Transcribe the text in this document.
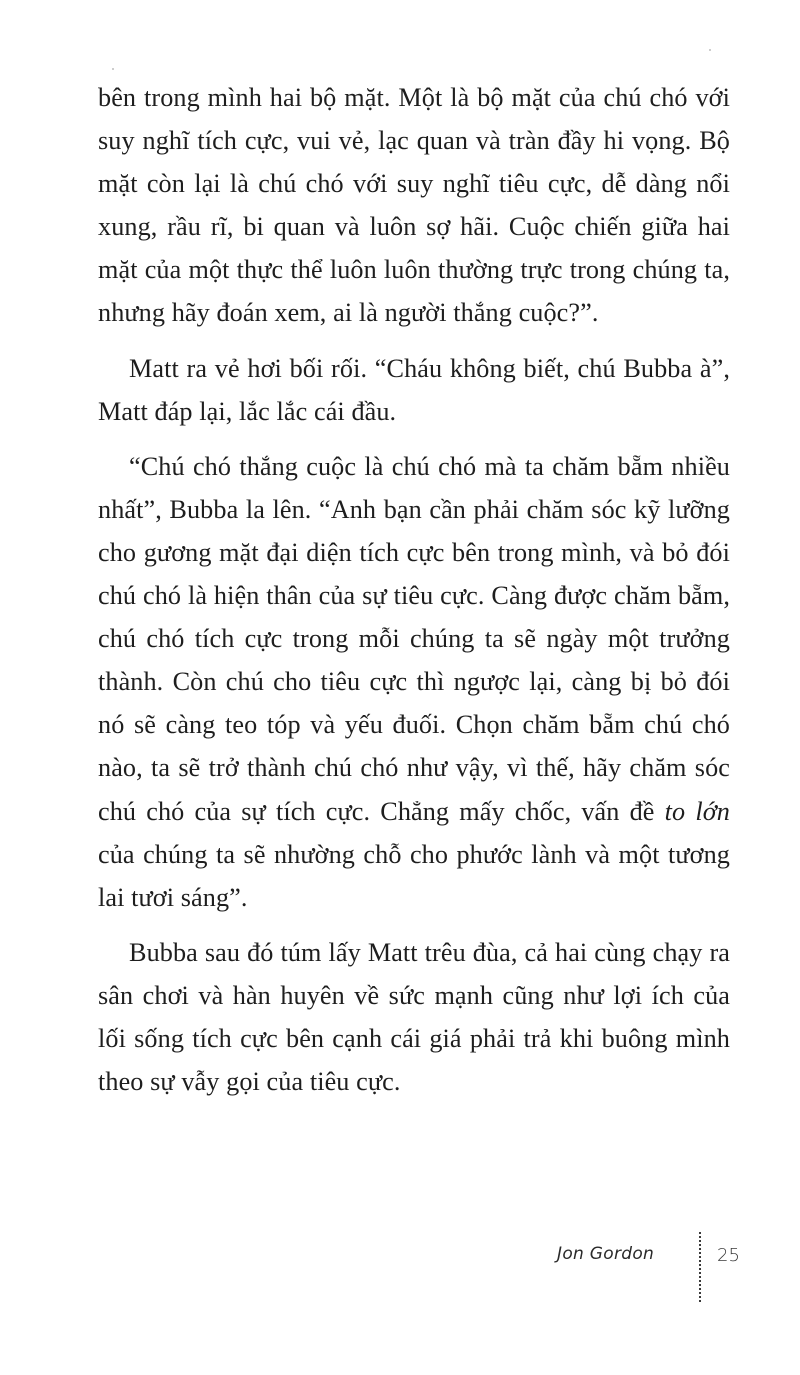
bên trong mình hai bộ mặt. Một là bộ mặt của chú chó với suy nghĩ tích cực, vui vẻ, lạc quan và tràn đầy hi vọng. Bộ mặt còn lại là chú chó với suy nghĩ tiêu cực, dễ dàng nổi xung, rầu rĩ, bi quan và luôn sợ hãi. Cuộc chiến giữa hai mặt của một thực thể luôn luôn thường trực trong chúng ta, nhưng hãy đoán xem, ai là người thắng cuộc?”.

Matt ra vẻ hơi bối rối. “Cháu không biết, chú Bubba à”, Matt đáp lại, lắc lắc cái đầu.

“Chú chó thắng cuộc là chú chó mà ta chăm bẵm nhiều nhất”, Bubba la lên. “Anh bạn cần phải chăm sóc kỹ lưỡng cho gương mặt đại diện tích cực bên trong mình, và bỏ đói chú chó là hiện thân của sự tiêu cực. Càng được chăm bẵm, chú chó tích cực trong mỗi chúng ta sẽ ngày một trưởng thành. Còn chú cho tiêu cực thì ngược lại, càng bị bỏ đói nó sẽ càng teo tóp và yếu đuối. Chọn chăm bẵm chú chó nào, ta sẽ trở thành chú chó như vậy, vì thế, hãy chăm sóc chú chó của sự tích cực. Chẳng mấy chốc, vấn đề to lớn của chúng ta sẽ nhường chỗ cho phước lành và một tương lai tươi sáng”.

Bubba sau đó túm lấy Matt trêu đùa, cả hai cùng chạy ra sân chơi và hàn huyên về sức mạnh cũng như lợi ích của lối sống tích cực bên cạnh cái giá phải trả khi buông mình theo sự vẫy gọi của tiêu cực.

Jon Gordon	25
